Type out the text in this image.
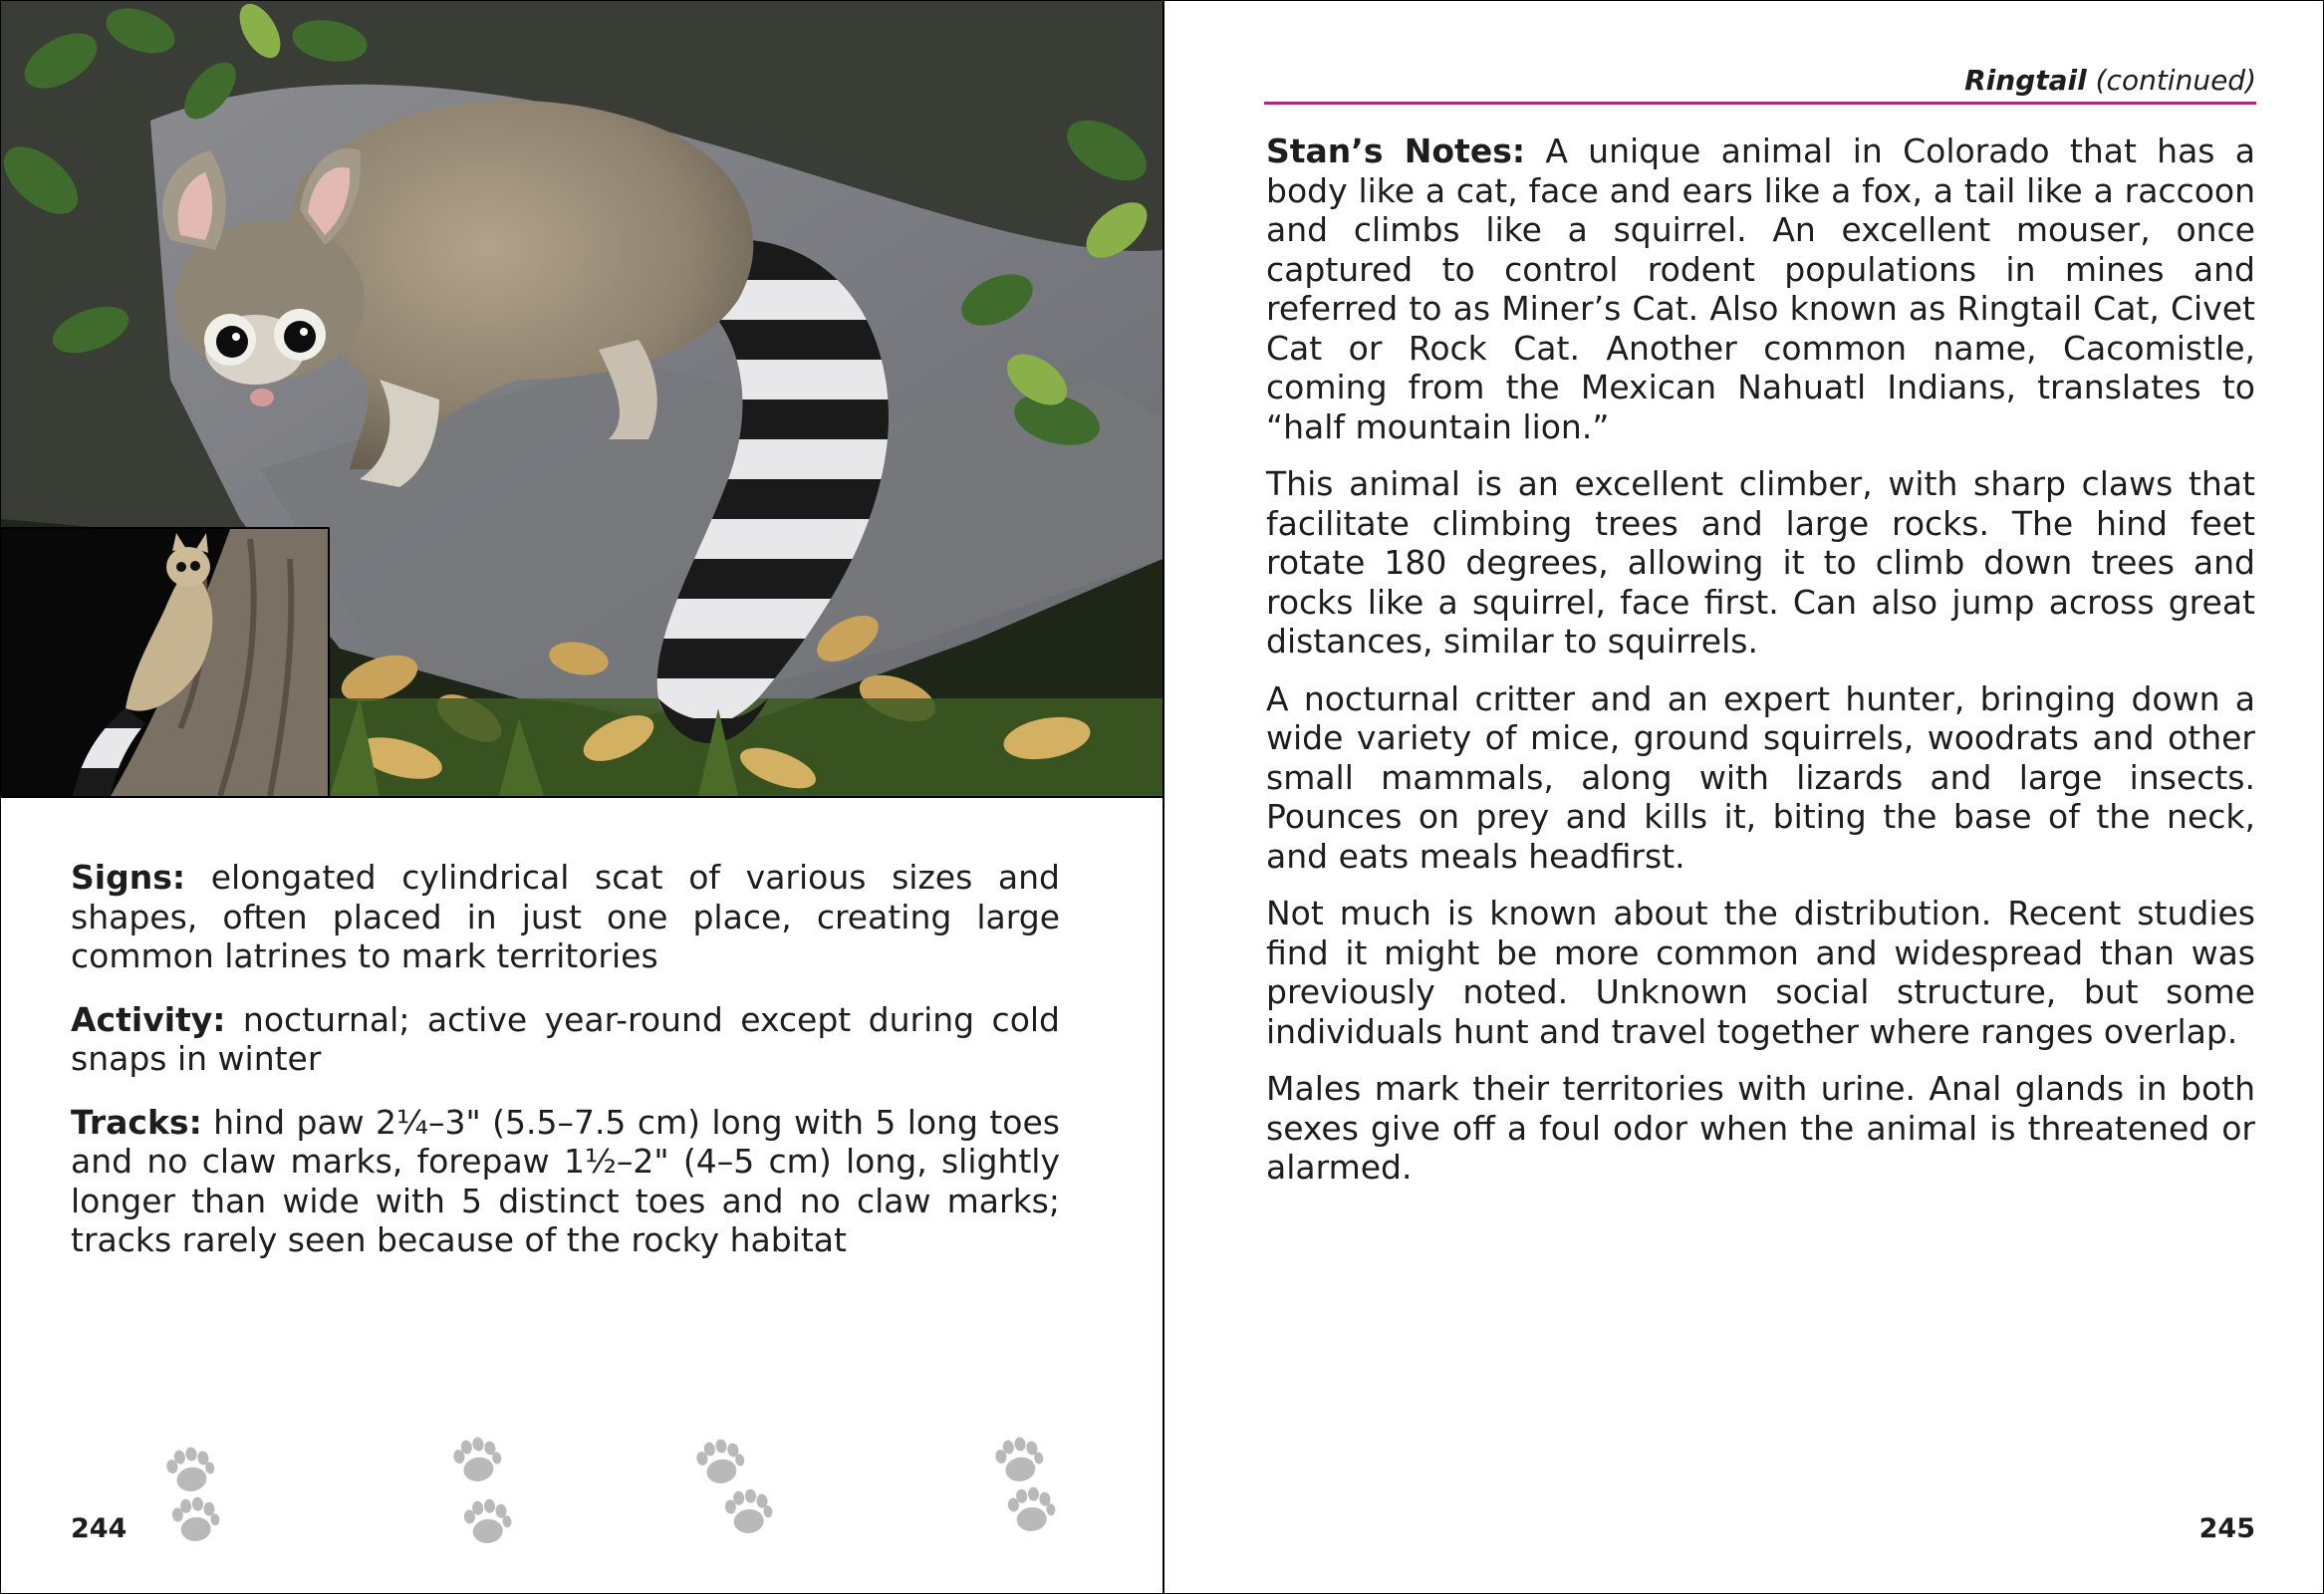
Signs: elongated cylindrical scat of various sizes and shapes, often placed in just one place, creating large common latrines to mark territories

Activity: nocturnal; active year-round except during cold snaps in winter

Tracks: hind paw 2¼–3" (5.5–7.5 cm) long with 5 long toes and no claw marks, forepaw 1½–2" (4–5 cm) long, slightly longer than wide with 5 distinct toes and no claw marks; tracks rarely seen because of the rocky habitat

244
Ringtail (continued)

Stan’s Notes: A unique animal in Colorado that has a body like a cat, face and ears like a fox, a tail like a raccoon and climbs like a squirrel. An excellent mouser, once captured to control rodent populations in mines and referred to as Miner’s Cat. Also known as Ringtail Cat, Civet Cat or Rock Cat. Another common name, Cacomistle, coming from the Mexican Nahuatl Indians, translates to “half mountain lion.”

This animal is an excellent climber, with sharp claws that facilitate climbing trees and large rocks. The hind feet rotate 180 degrees, allowing it to climb down trees and rocks like a squirrel, face first. Can also jump across great distances, similar to squirrels.

A nocturnal critter and an expert hunter, bringing down a wide variety of mice, ground squirrels, woodrats and other small mammals, along with lizards and large insects. Pounces on prey and kills it, biting the base of the neck, and eats meals headfirst.

Not much is known about the distribution. Recent studies find it might be more common and widespread than was previously noted. Unknown social structure, but some individuals hunt and travel together where ranges overlap.

Males mark their territories with urine. Anal glands in both sexes give off a foul odor when the animal is threatened or alarmed.

245
